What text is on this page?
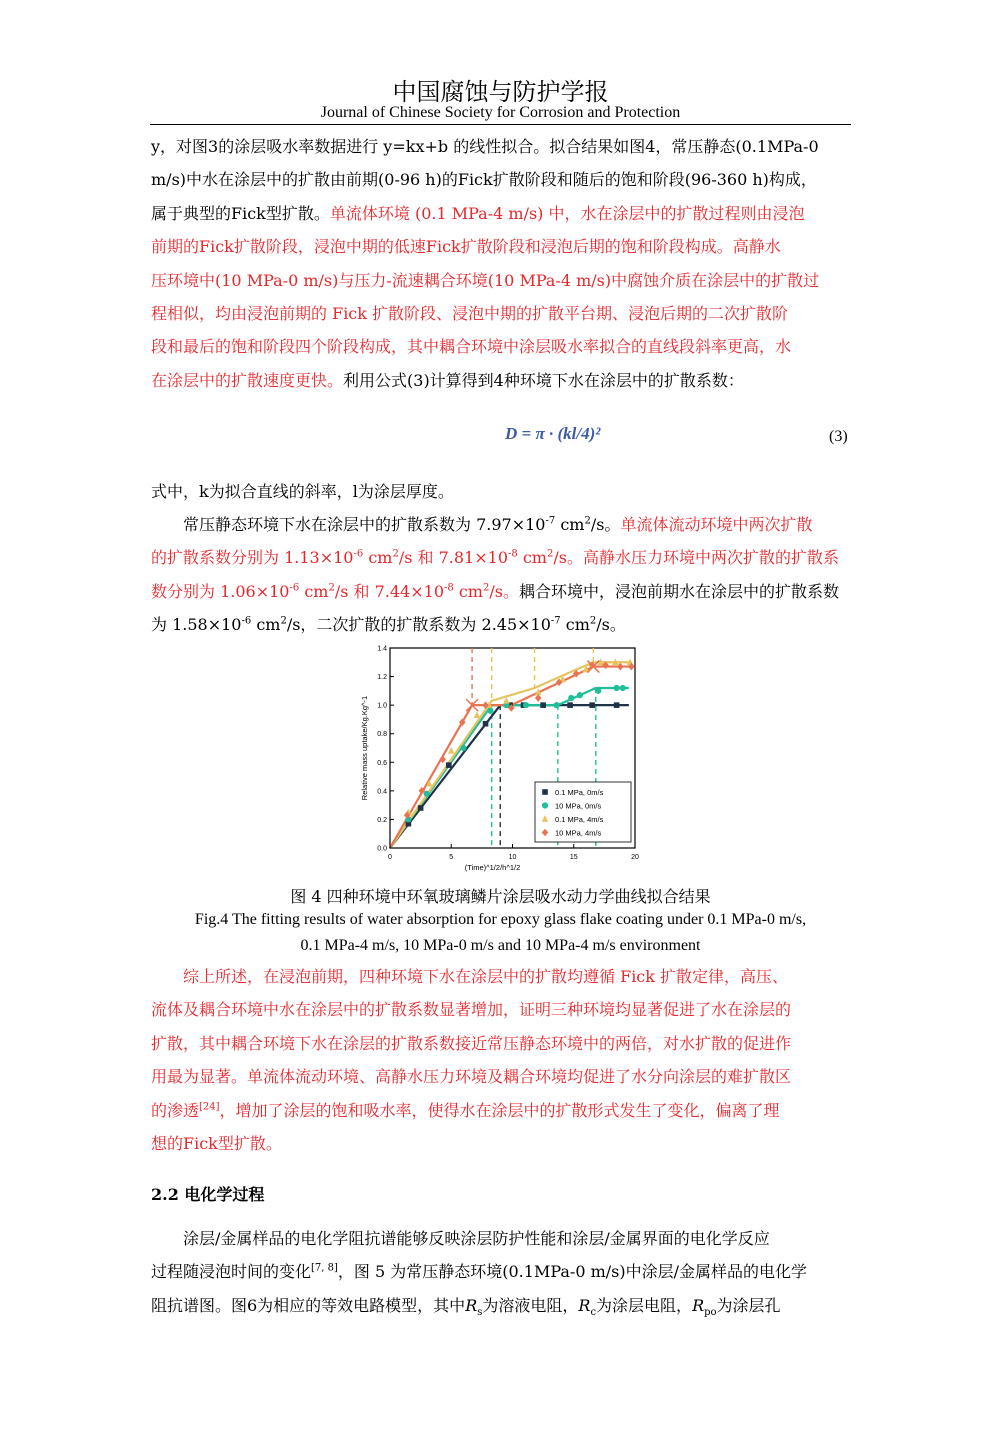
中国腐蚀与防护学报
Journal of Chinese Society for Corrosion and Protection
y，对图3的涂层吸水率数据进行 y=kx+b 的线性拟合。拟合结果如图4，常压静态(0.1MPa-0
m/s)中水在涂层中的扩散由前期(0-96 h)的Fick扩散阶段和随后的饱和阶段(96-360 h)构成，
属于典型的Fick型扩散。单流体环境 (0.1 MPa-4 m/s) 中，水在涂层中的扩散过程则由浸泡
前期的Fick扩散阶段，浸泡中期的低速Fick扩散阶段和浸泡后期的饱和阶段构成。高静水
压环境中(10 MPa-0 m/s)与压力-流速耦合环境(10 MPa-4 m/s)中腐蚀介质在涂层中的扩散过
程相似，均由浸泡前期的 Fick 扩散阶段、浸泡中期的扩散平台期、浸泡后期的二次扩散阶
段和最后的饱和阶段四个阶段构成，其中耦合环境中涂层吸水率拟合的直线段斜率更高，水
在涂层中的扩散速度更快。利用公式(3)计算得到4种环境下水在涂层中的扩散系数：
D = π · (kl/4)²	(3)
式中，k为拟合直线的斜率，l为涂层厚度。
常压静态环境下水在涂层中的扩散系数为 $7.97\times 10^{-7}$ $cm^2/s$。单流体流动环境中两次扩散
的扩散系数分别为 $1.13\times 10^{-6}$ $cm^2/s$ 和 $7.81\times 10^{-8}$ $cm^2/s$。高静水压力环境中两次扩散的扩散系
数分别为 $1.06\times 10^{-6}$ $cm^2/s$ 和 $7.44\times 10^{-8}$ $cm^2/s$。耦合环境中，浸泡前期水在涂层中的扩散系数
为 $1.58\times 10^{-6}$ $cm^2/s$，二次扩散的扩散系数为 $2.45\times 10^{-7}$ $cm^2/s$。
0	5	10	15	20
0.0
0.2
0.4
0.6
0.8
1.0
1.2
1.4
(Time)^1/2/h^1/2
Relative mass uptake/Kg.Kg^-1	0.1 MPa, 0m/s
10 MPa, 0m/s
0.1 MPa, 4m/s
10 MPa, 4m/s
图 4 四种环境中环氧玻璃鳞片涂层吸水动力学曲线拟合结果
Fig.4 The fitting results of water absorption for epoxy glass flake coating under 0.1 MPa-0 m/s,
0.1 MPa-4 m/s, 10 MPa-0 m/s and 10 MPa-4 m/s environment
综上所述，在浸泡前期，四种环境下水在涂层中的扩散均遵循 Fick 扩散定律，高压、
流体及耦合环境中水在涂层中的扩散系数显著增加，证明三种环境均显著促进了水在涂层的
扩散，其中耦合环境下水在涂层的扩散系数接近常压静态环境中的两倍，对水扩散的促进作
用最为显著。单流体流动环境、高静水压力环境及耦合环境均促进了水分向涂层的难扩散区
的渗透[24]，增加了涂层的饱和吸水率，使得水在涂层中的扩散形式发生了变化，偏离了理
想的Fick型扩散。
2.2 电化学过程
涂层/金属样品的电化学阻抗谱能够反映涂层防护性能和涂层/金属界面的电化学反应
过程随浸泡时间的变化[7, 8]，图 5 为常压静态环境(0.1MPa-0 m/s)中涂层/金属样品的电化学
阻抗谱图。图6为相应的等效电路模型，其中$R_s$为溶液电阻，$R_c$为涂层电阻，$R_{po}$为涂层孔
